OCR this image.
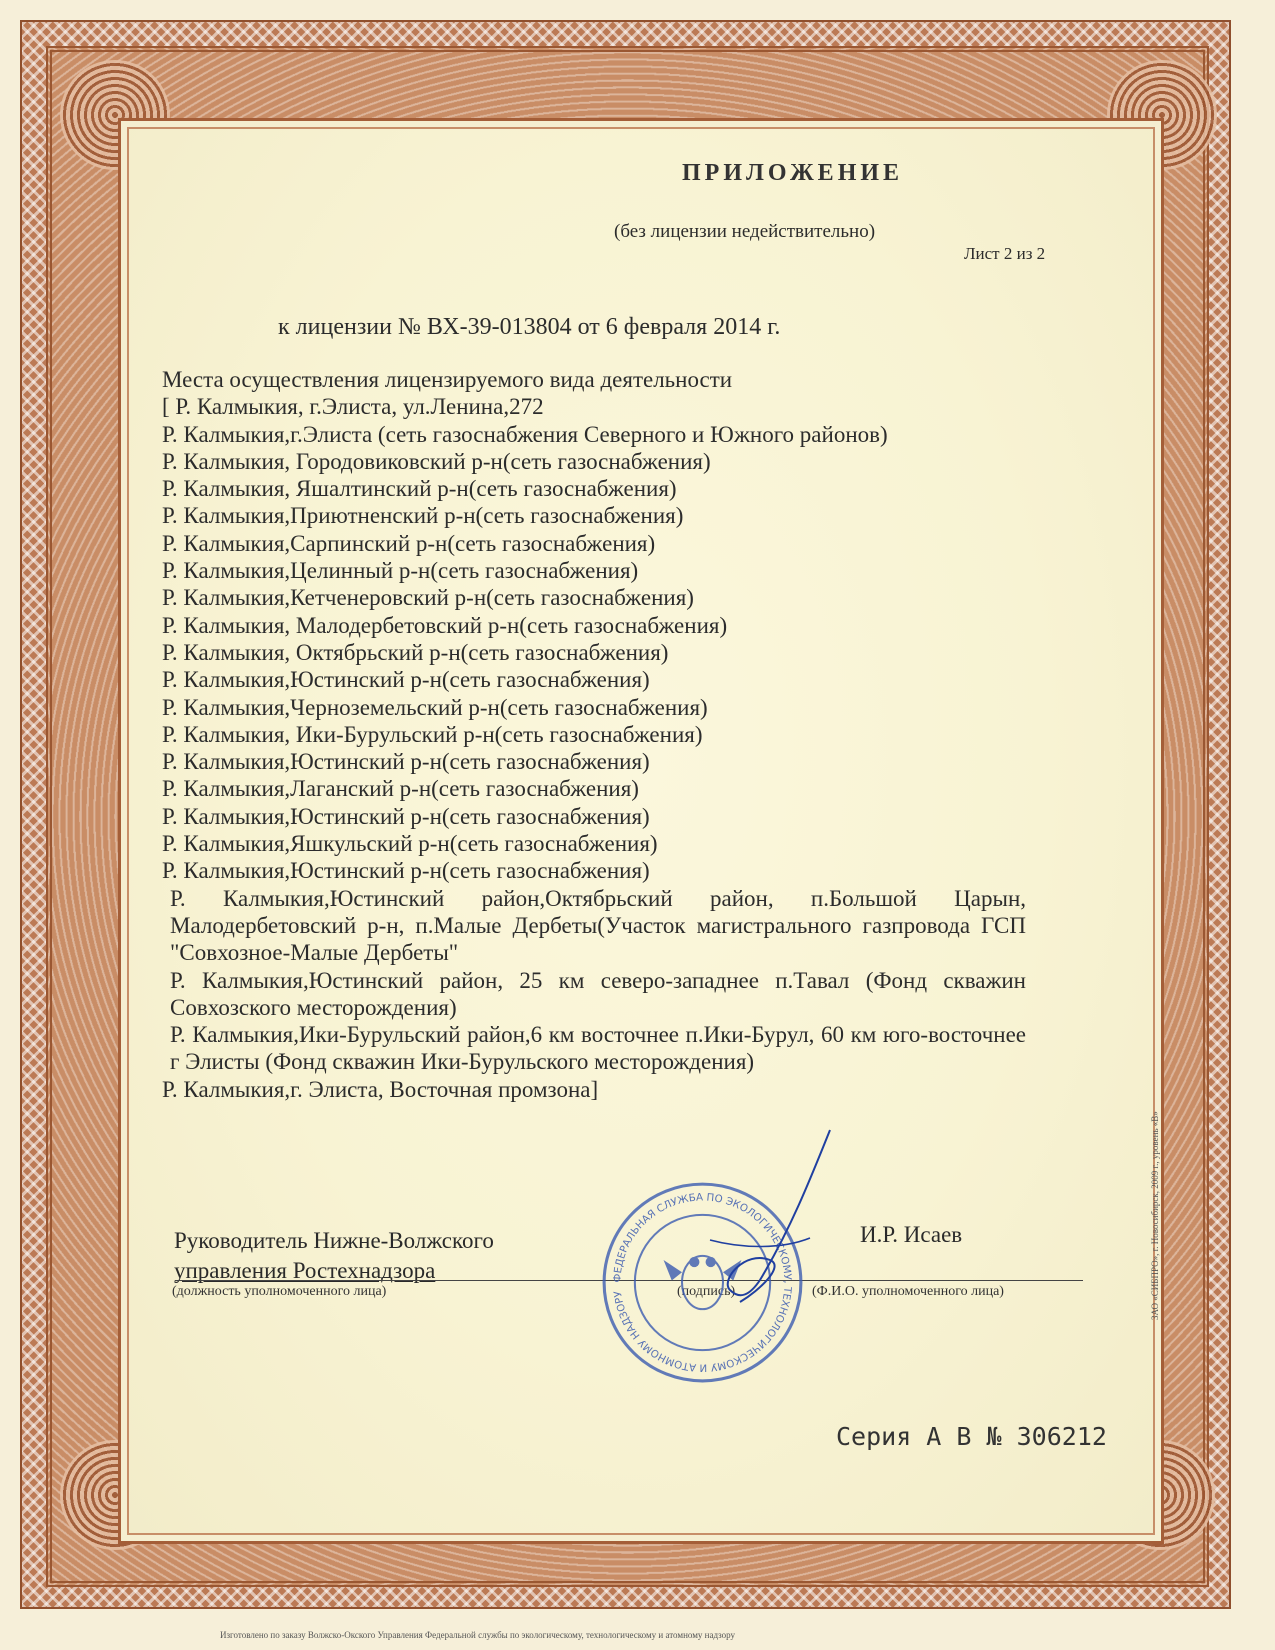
ПРИЛОЖЕНИЕ
(без лицензии недействительно)
Лист 2 из 2
к лицензии № ВХ-39-013804 от 6 февраля 2014 г.
Места осуществления лицензируемого вида деятельности
[ Р. Калмыкия, г.Элиста, ул.Ленина,272
Р. Калмыкия,г.Элиста (сеть газоснабжения Северного и Южного районов)
Р. Калмыкия, Городовиковский р-н(сеть газоснабжения)
Р. Калмыкия, Яшалтинский р-н(сеть газоснабжения)
Р. Калмыкия,Приютненский р-н(сеть газоснабжения)
Р. Калмыкия,Сарпинский р-н(сеть газоснабжения)
Р. Калмыкия,Целинный р-н(сеть газоснабжения)
Р. Калмыкия,Кетченеровский р-н(сеть газоснабжения)
Р. Калмыкия, Малодербетовский р-н(сеть газоснабжения)
Р. Калмыкия, Октябрьский р-н(сеть газоснабжения)
Р. Калмыкия,Юстинский р-н(сеть газоснабжения)
Р. Калмыкия,Черноземельский р-н(сеть газоснабжения)
Р. Калмыкия, Ики-Бурульский р-н(сеть газоснабжения)
Р. Калмыкия,Юстинский р-н(сеть газоснабжения)
Р. Калмыкия,Лаганский р-н(сеть газоснабжения)
Р. Калмыкия,Юстинский р-н(сеть газоснабжения)
Р. Калмыкия,Яшкульский р-н(сеть газоснабжения)
Р. Калмыкия,Юстинский р-н(сеть газоснабжения)
Р. Калмыкия,Юстинский район,Октябрьский район, п.Большой Царын, Малодербетовский р-н, п.Малые Дербеты(Участок магистрального газпровода ГСП "Совхозное-Малые Дербеты"
Р. Калмыкия,Юстинский район, 25 км северо-западнее п.Тавал (Фонд скважин Совхозского месторождения)
Р. Калмыкия,Ики-Бурульский район,6 км восточнее п.Ики-Бурул, 60 км юго-восточнее г Элисты (Фонд скважин Ики-Бурульского месторождения)
Р. Калмыкия,г. Элиста, Восточная промзона]
Руководитель Нижне-Волжского
управления Ростехнадзора
И.Р. Исаев
(должность уполномоченного лица)	(подпись)	(Ф.И.О. уполномоченного лица)
ФЕДЕРАЛЬНАЯ СЛУЖБА ПО ЭКОЛОГИЧЕСКОМУ, ТЕХНОЛОГИЧЕСКОМУ И АТОМНОМУ НАДЗОРУ
Серия А В № 306212
Изготовлено по заказу Волжско-Окского Управления Федеральной службы по экологическому, технологическому и атомному надзору
ЗАО «СИБПРО», г. Новосибирск, 2009 г., уровень «В»
